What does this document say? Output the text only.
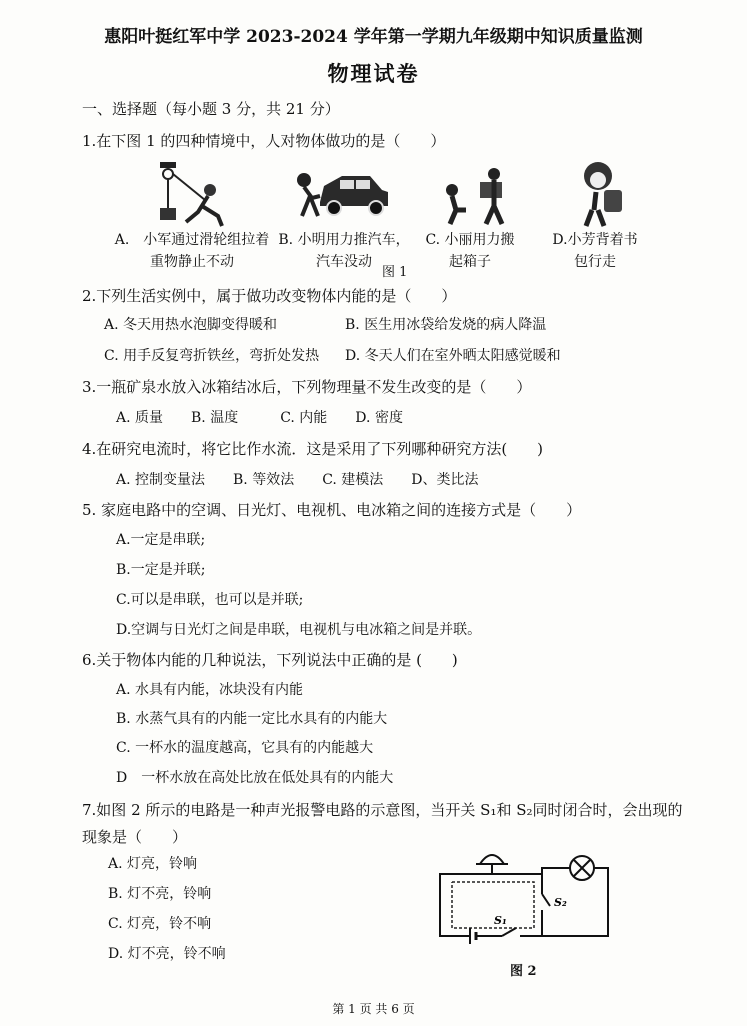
惠阳叶挺红军中学 2023-2024 学年第一学期九年级期中知识质量监测
物理试卷
一、选择题（每小题 3 分，共 21 分）
1.在下图 1 的四种情境中，人对物体做功的是（　　）
A.　小军通过滑轮组拉着重物静止不动
B. 小明用力推汽车，汽车没动
C. 小丽用力搬起箱子
D.小芳背着书包行走
图 1
2.下列生活实例中，属于做功改变物体内能的是（　　）
A. 冬天用热水泡脚变得暖和	B. 医生用冰袋给发烧的病人降温
C. 用手反复弯折铁丝，弯折处发热 D. 冬天人们在室外晒太阳感觉暖和
3.一瓶矿泉水放入冰箱结冰后，下列物理量不发生改变的是（　　）
A. 质量　　B. 温度　　　C. 内能　　D. 密度
4.在研究电流时，将它比作水流．这是采用了下列哪种研究方法(　　)
A. 控制变量法　　B. 等效法　　C. 建模法　　D、类比法
5. 家庭电路中的空调、日光灯、电视机、电冰箱之间的连接方式是（　　）
A.一定是串联;
B.一定是并联;
C.可以是串联，也可以是并联;
D.空调与日光灯之间是串联，电视机与电冰箱之间是并联。
6.关于物体内能的几种说法，下列说法中正确的是 (　　)
A. 水具有内能，冰块没有内能
B. 水蒸气具有的内能一定比水具有的内能大
C. 一杯水的温度越高，它具有的内能越大
D　一杯水放在高处比放在低处具有的内能大
7.如图 2 所示的电路是一种声光报警电路的示意图，当开关 S₁和 S₂同时闭合时，会出现的
现象是（　　）
A. 灯亮，铃响
B. 灯不亮，铃响
C. 灯亮，铃不响
D. 灯不亮，铃不响
S₂
S₁
图 2
第 1 页 共 6 页
